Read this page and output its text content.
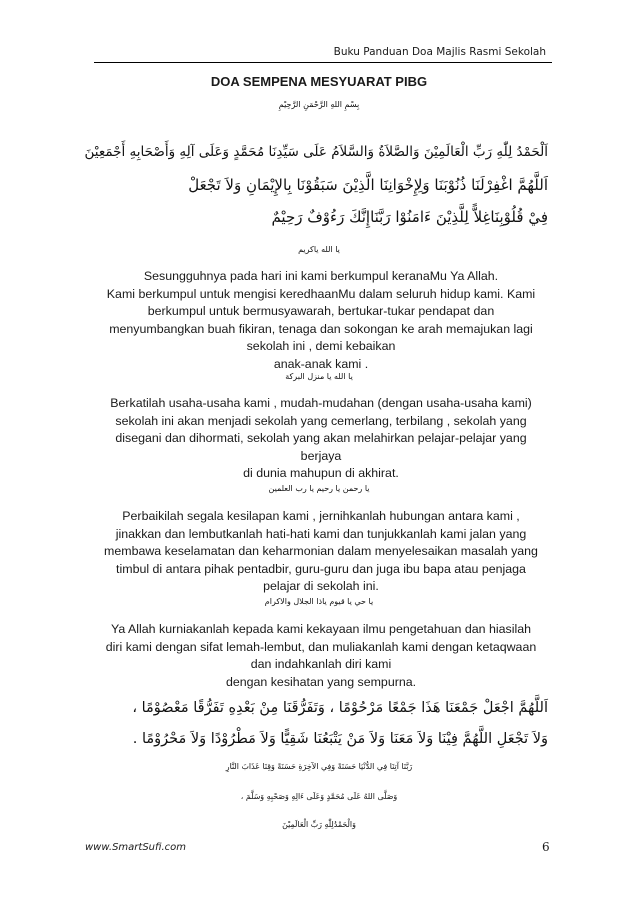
Buku Panduan Doa Majlis Rasmi Sekolah
DOA SEMPENA MESYUARAT PIBG
بِسْمِ اللهِ الرَّحْمَنِ الرَّحِيْمِ
اَلْحَمْدُ لِلّٰهِ رَبِّ الْعَالَمِيْنَ وَالصَّلاَةُ وَالسَّلاَمُ عَلَى سَيِّدِنَا مُحَمَّدٍ وَعَلَى آلِهِ وَأَصْحَابِهِ أَجْمَعِيْنَ
اَللَّهُمَّ اغْفِرْلَنَا ذُنُوْبَنَا وَلِإِخْوَانِنَا الَّذِيْنَ سَبَقُوْنَا بِالإِيْمَانِ وَلاَ تَجْعَلْ
فِيْ قُلُوْبِنَاغِلاًّ لِلَّذِيْنَ ءَامَنُوْا رَبَّنَاإِنَّكَ رَءُوْفٌ رَحِيْمٌ
يا الله ياكريم
Sesungguhnya pada hari ini kami berkumpul keranaMu Ya Allah.
Kami berkumpul untuk mengisi keredhaanMu dalam seluruh hidup kami. Kami
berkumpul untuk bermusyawarah, bertukar-tukar pendapat dan
menyumbangkan buah fikiran, tenaga dan sokongan ke arah memajukan lagi
sekolah ini , demi kebaikan
anak-anak kami .
يا الله يا منزل البركة
Berkatilah usaha-usaha kami , mudah-mudahan (dengan usaha-usaha kami)
sekolah ini akan menjadi sekolah yang cemerlang, terbilang , sekolah yang
disegani dan dihormati, sekolah yang akan melahirkan pelajar-pelajar yang
berjaya
di dunia mahupun di akhirat.
يا رحمن يا رحيم يا رب العلمين
Perbaikilah segala kesilapan kami , jernihkanlah hubungan antara kami ,
jinakkan dan lembutkanlah hati-hati kami dan tunjukkanlah kami jalan yang
membawa keselamatan dan keharmonian dalam menyelesaikan masalah yang
timbul di antara pihak pentadbir, guru-guru dan juga ibu bapa atau penjaga
pelajar di sekolah ini.
يا حي يا قيوم ياذا الجلال والاكرام
Ya Allah kurniakanlah kepada kami kekayaan ilmu pengetahuan dan hiasilah
diri kami dengan sifat lemah-lembut, dan muliakanlah kami dengan ketaqwaan
dan indahkanlah diri kami
dengan kesihatan yang sempurna.
اَللَّهُمَّ اجْعَلْ جَمْعَنَا هَذَا جَمْعًا مَرْحُوْمًا ، وَتَفَرُّقَنَا مِنْ بَعْدِهِ تَفَرُّقًا مَعْصُوْمًا ،
وَلاَ تَجْعَلِ اللَّهُمَّ فِيْنَا وَلاَ مَعَنَا وَلاَ مَنْ يَتْبَعُنَا شَقِيًّا وَلاَ مَطْرُوْدًا وَلاَ مَحْرُوْمًا .
رَبَّنَا آتِنَا فِي الدُّنْيَا حَسَنَةً وَفِي الآخِرَةِ حَسَنَةً وَقِنَا عَذَابَ النَّارِ
وَصَلَّى اللهُ عَلَى مُحَمَّدٍ وَعَلَى ءَالِهِ وَصَحْبِهِ وَسَلَّمَ ،
وَالْحَمْدُلِلّٰهِ رَبِّ الْعَالَمِيْنَ
www.SmartSufi.com	6
